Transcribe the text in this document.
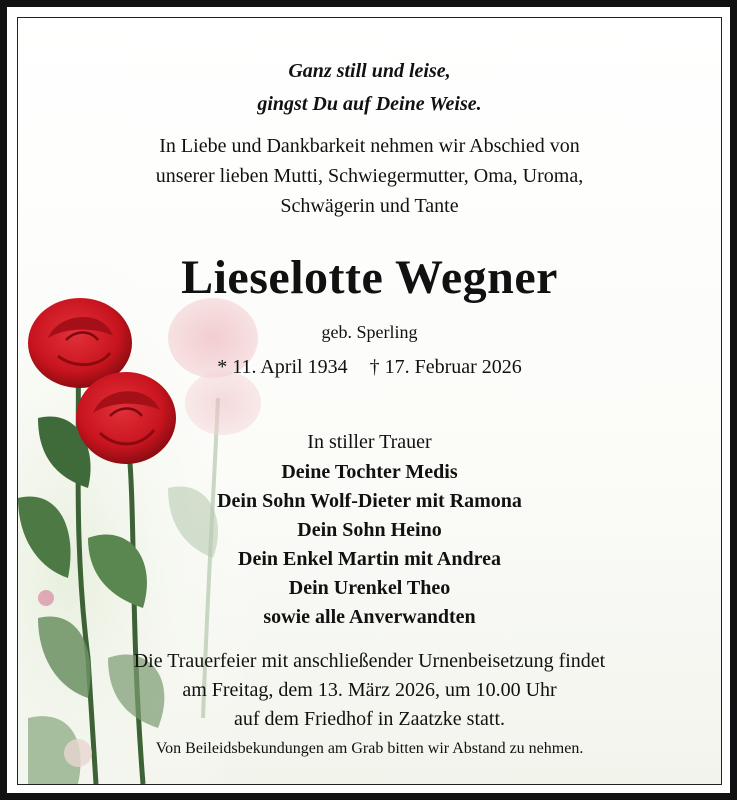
Ganz still und leise,
gingst Du auf Deine Weise.
In Liebe und Dankbarkeit nehmen wir Abschied von
unserer lieben Mutti, Schwiegermutter, Oma, Uroma,
Schwägerin und Tante
Lieselotte Wegner
geb. Sperling
* 11. April 1934 † 17. Februar 2026
In stiller Trauer
Deine Tochter Medis
Dein Sohn Wolf-Dieter mit Ramona
Dein Sohn Heino
Dein Enkel Martin mit Andrea
Dein Urenkel Theo
sowie alle Anverwandten
Die Trauerfeier mit anschließender Urnenbeisetzung findet
am Freitag, dem 13. März 2026, um 10.00 Uhr
auf dem Friedhof in Zaatzke statt.
Von Beileidsbekundungen am Grab bitten wir Abstand zu nehmen.
